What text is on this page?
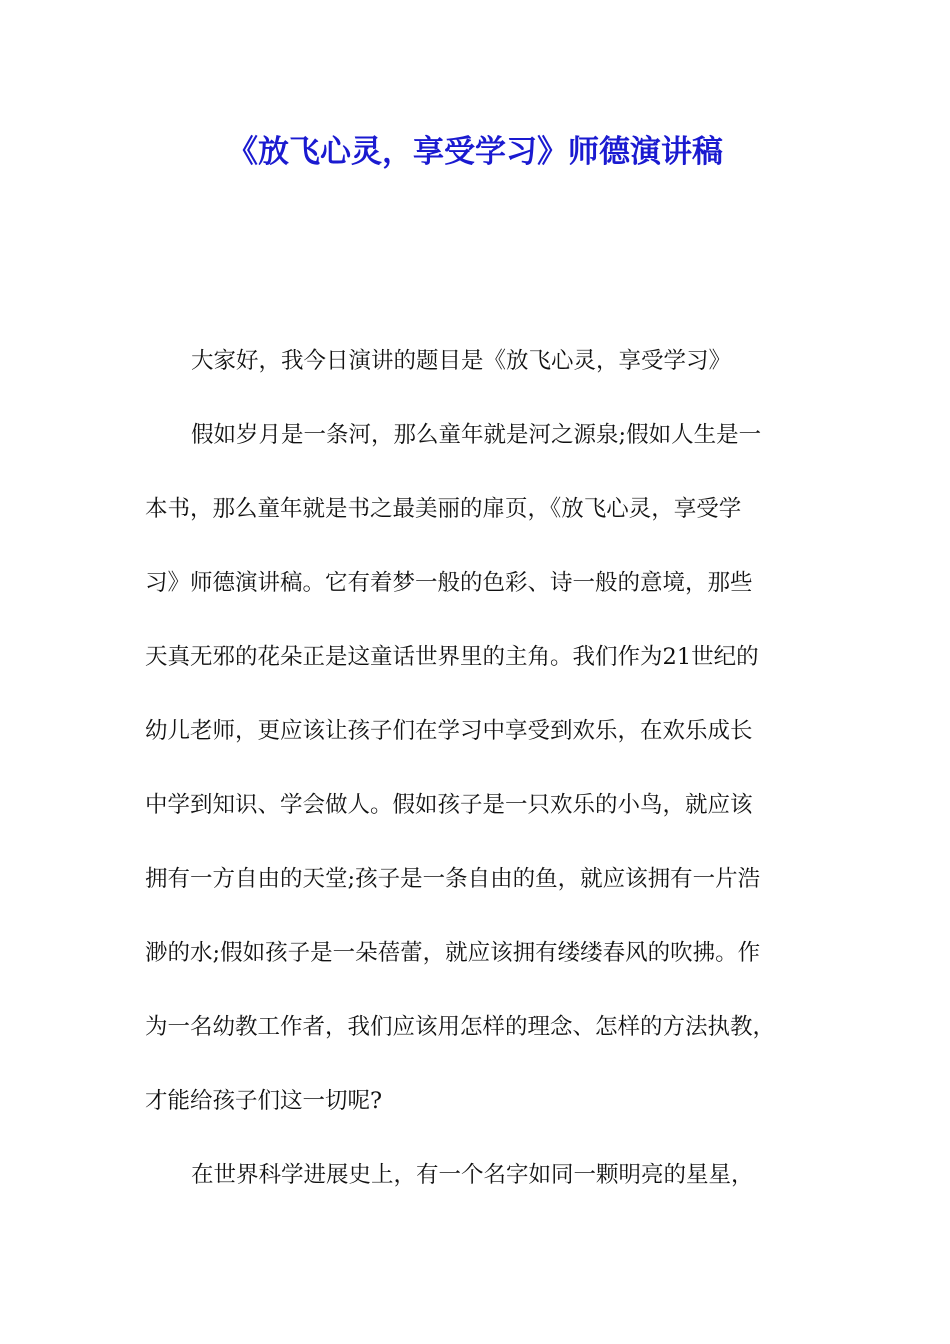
《放飞心灵，享受学习》师德演讲稿
大家好，我今日演讲的题目是《放飞心灵，享受学习》
假如岁月是一条河，那么童年就是河之源泉;假如人生是一
本书，那么童年就是书之最美丽的扉页，《放飞心灵，享受学
习》师德演讲稿。它有着梦一般的色彩、诗一般的意境，那些
天真无邪的花朵正是这童话世界里的主角。我们作为21世纪的
幼儿老师，更应该让孩子们在学习中享受到欢乐，在欢乐成长
中学到知识、学会做人。假如孩子是一只欢乐的小鸟，就应该
拥有一方自由的天堂;孩子是一条自由的鱼，就应该拥有一片浩
渺的水;假如孩子是一朵蓓蕾，就应该拥有缕缕春风的吹拂。作
为一名幼教工作者，我们应该用怎样的理念、怎样的方法执教，
才能给孩子们这一切呢?
在世界科学进展史上，有一个名字如同一颗明亮的星星，
